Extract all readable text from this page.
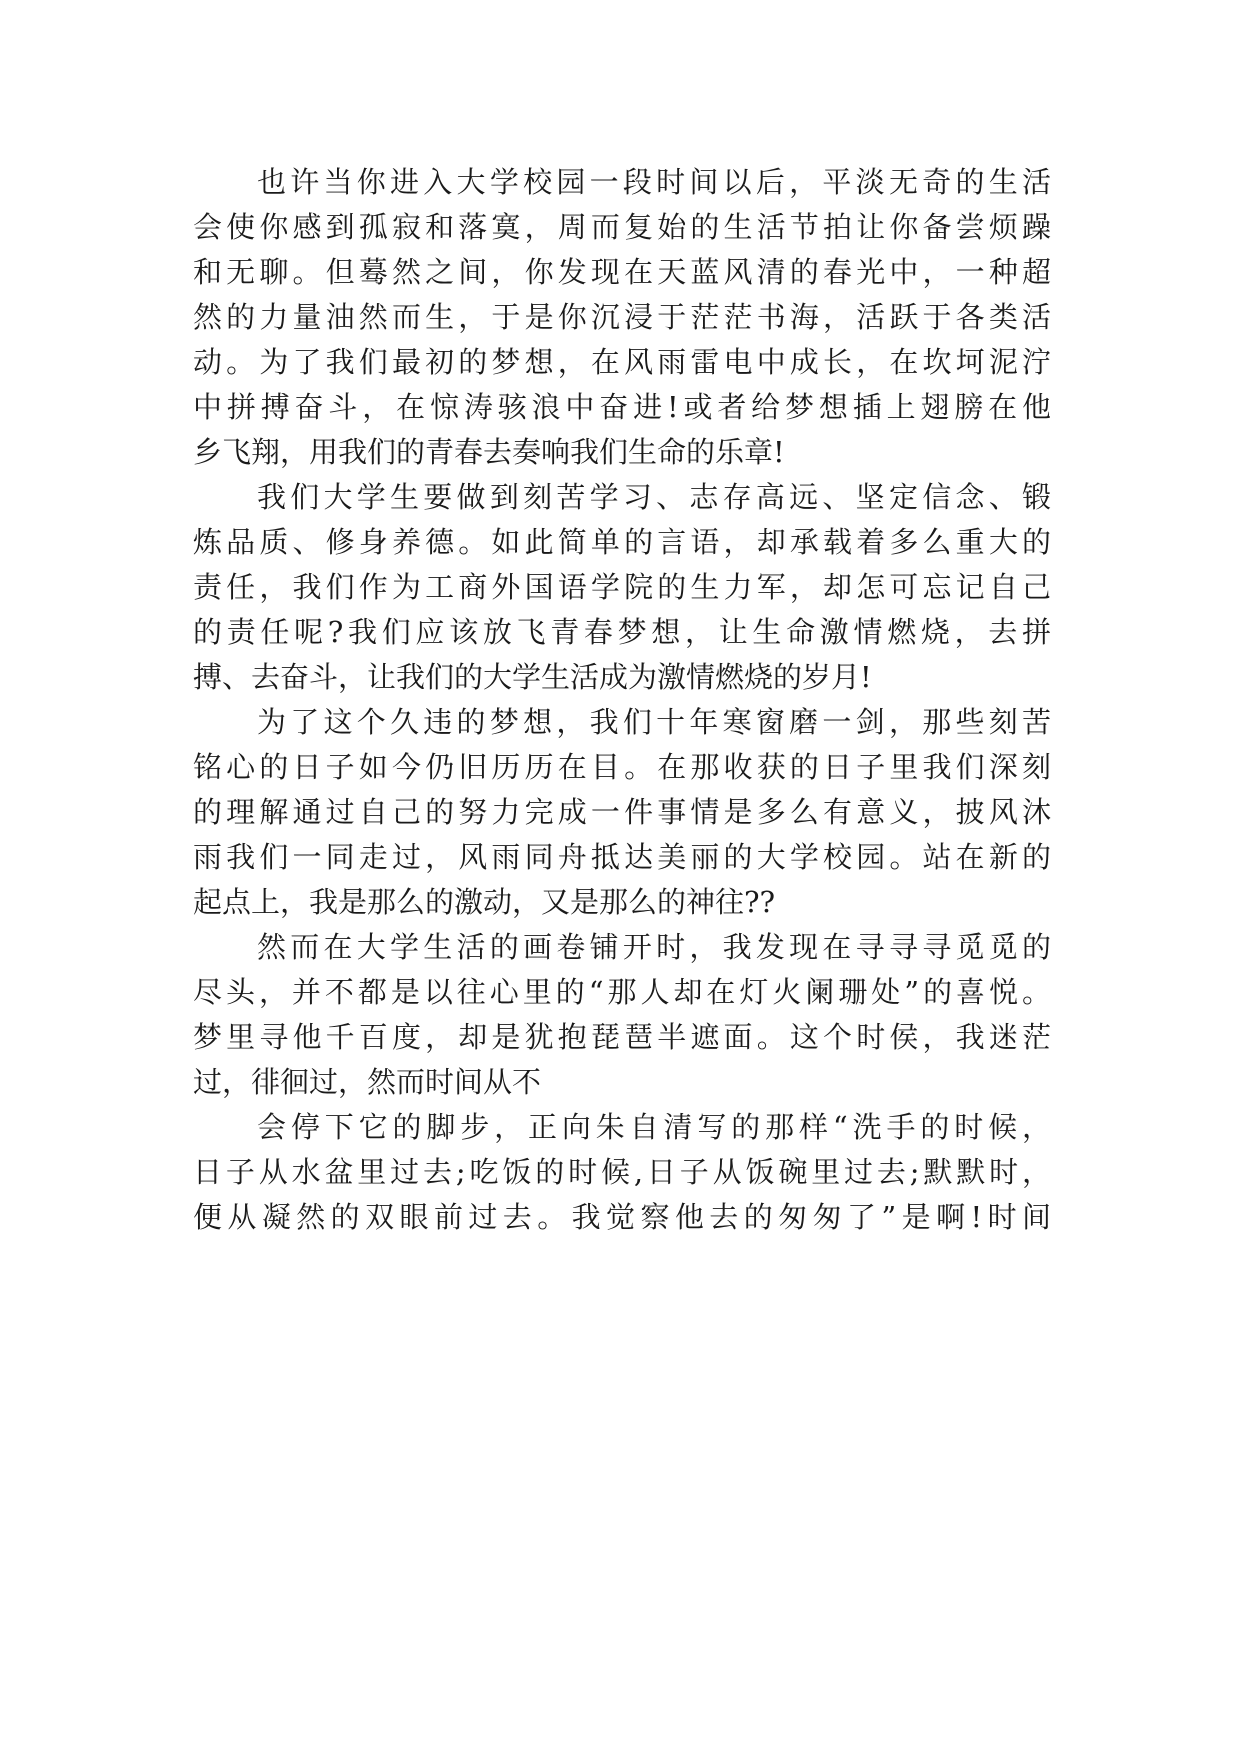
也许当你进入大学校园一段时间以后，平淡无奇的生活
会使你感到孤寂和落寞，周而复始的生活节拍让你备尝烦躁
和无聊。但蓦然之间，你发现在天蓝风清的春光中，一种超
然的力量油然而生，于是你沉浸于茫茫书海，活跃于各类活
动。为了我们最初的梦想，在风雨雷电中成长，在坎坷泥泞
中拼搏奋斗，在惊涛骇浪中奋进!或者给梦想插上翅膀在他
乡飞翔，用我们的青春去奏响我们生命的乐章!
我们大学生要做到刻苦学习、志存高远、坚定信念、锻
炼品质、修身养德。如此简单的言语，却承载着多么重大的
责任，我们作为工商外国语学院的生力军，却怎可忘记自己
的责任呢?我们应该放飞青春梦想，让生命激情燃烧，去拼
搏、去奋斗，让我们的大学生活成为激情燃烧的岁月!
为了这个久违的梦想，我们十年寒窗磨一剑，那些刻苦
铭心的日子如今仍旧历历在目。在那收获的日子里我们深刻
的理解通过自己的努力完成一件事情是多么有意义，披风沐
雨我们一同走过，风雨同舟抵达美丽的大学校园。站在新的
起点上，我是那么的激动，又是那么的神往??
然而在大学生活的画卷铺开时，我发现在寻寻寻觅觅的
尽头，并不都是以往心里的“那人却在灯火阑珊处”的喜悦。
梦里寻他千百度，却是犹抱琵琶半遮面。这个时侯，我迷茫
过，徘徊过，然而时间从不
会停下它的脚步，正向朱自清写的那样“洗手的时候，
日子从水盆里过去;吃饭的时候,日子从饭碗里过去;默默时，
便从凝然的双眼前过去。我觉察他去的匆匆了”是啊!时间
